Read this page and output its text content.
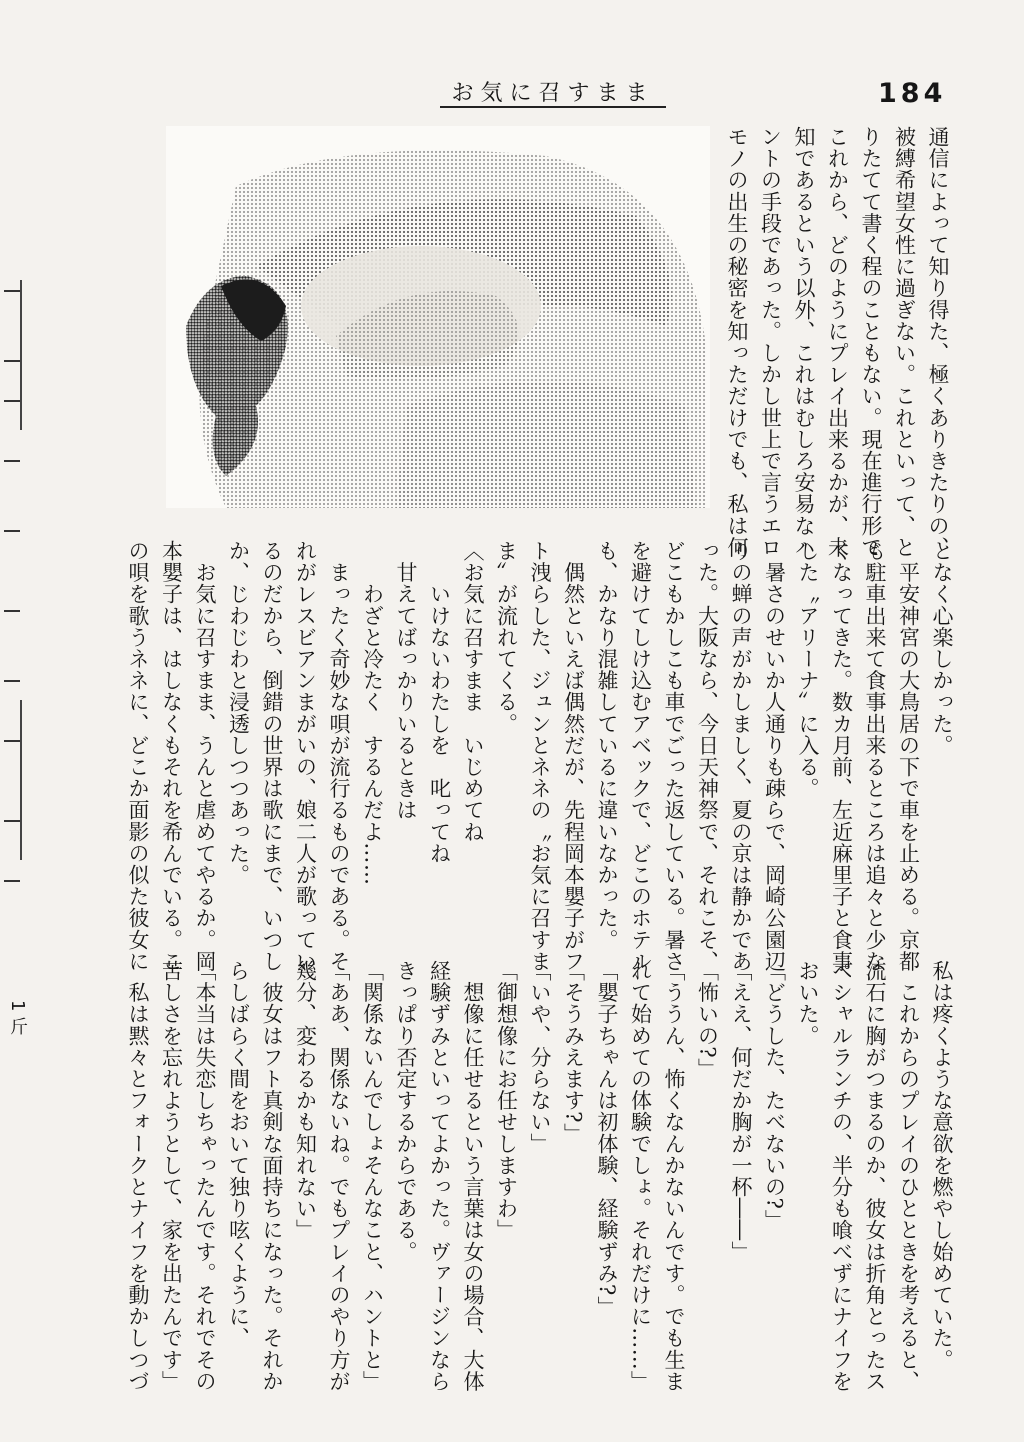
お気に召すまま	184
通信によって知り得た、極くありきたりの、
被縛希望女性に過ぎない。これといって、と
りたてて書く程のこともない。現在進行形で
これから、どのようにプレイ出来るかが、未
知であるという以外、これはむしろ安易なハ
ントの手段であった。しかし世上で言うエロ
モノの出生の秘密を知っただけでも、私は何
となく心楽しかった。
　平安神宮の大鳥居の下で車を止める。京都
も駐車出来て食事出来るところは追々と少な
くなってきた。数カ月前、左近麻里子と食事
した〝アリーナ〟に入る。
　暑さのせいか人通りも疎らで、岡崎公園辺
りの蝉の声がかしましく、夏の京は静かであ
った。大阪なら、今日天神祭で、それこそ、
どこもかしこも車でごった返している。暑さ
を避けてしけ込むアベックで、どこのホテル
も、かなり混雑しているに違いなかった。
　偶然といえば偶然だが、先程岡本嬰子がフ
ト洩らした、ジュンとネネの〝お気に召すま
ま〟が流れてくる。
〈お気に召すまま　いじめてね
　　いけないわたしを　叱ってね
　甘えてばっかりいるときは
　　わざと冷たく　するんだよ……
　まったく奇妙な唄が流行るものである。そ
れがレスビアンまがいの、娘二人が歌ってい
るのだから、倒錯の世界は歌にまで、いつし
か、じわじわと浸透しつつあった。
　お気に召すまま、うんと虐めてやるか。岡
本嬰子は、はしなくもそれを希んでいる。こ
の唄を歌うネネに、どこか面影の似た彼女に
私は疼くような意欲を燃やし始めていた。
　これからのプレイのひとときを考えると、
流石に胸がつまるのか、彼女は折角とったス
ペシャルランチの、半分も喰べずにナイフを
おいた。
「どうした、たべないの?」
「ええ、何だか胸が一杯――」
「怖いの?」
「ううん、怖くなんかないんです。でも生ま
れて始めての体験でしょ。それだけに……」
「嬰子ちゃんは初体験、経験ずみ?」
「そうみえます?」
「いや、分らない」
「御想像にお任せしますわ」
　想像に任せるという言葉は女の場合、大体
経験ずみといってよかった。ヴァージンなら
きっぱり否定するからである。
「関係ないんでしょそんなこと、ハントと」
「ああ、関係ないね。でもプレイのやり方が
幾分、変わるかも知れない」
　彼女はフト真剣な面持ちになった。それか
らしばらく間をおいて独り呟くように、
「本当は失恋しちゃったんです。それでその
苦しさを忘れようとして、家を出たんです」
　私は黙々とフォークとナイフを動かしつづ
1 斤
